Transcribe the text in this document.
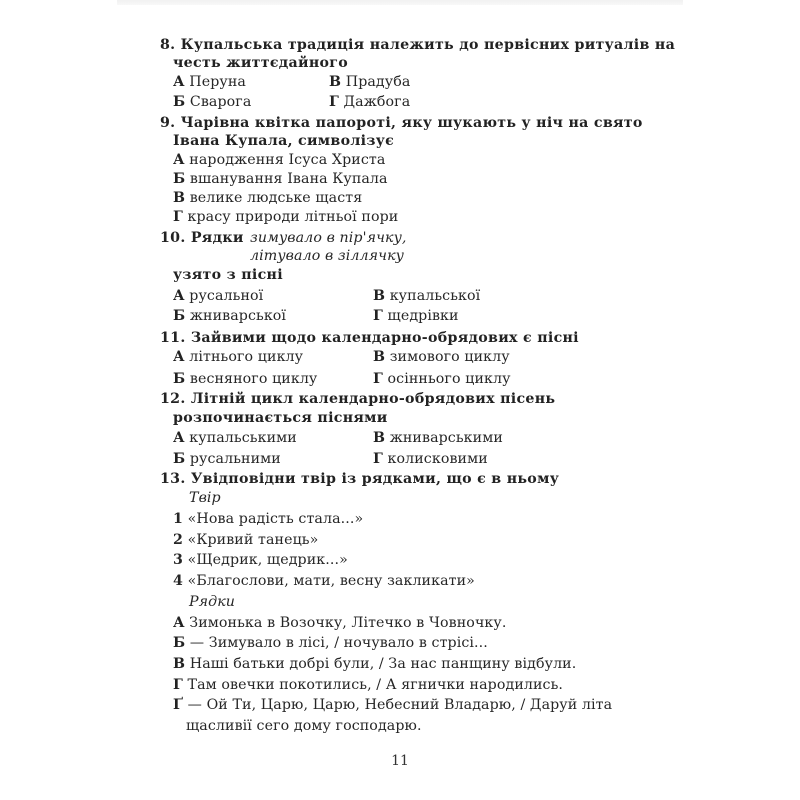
8. Купальська традиція належить до первісних ритуалів на
честь життєдайного
А Перуна
Б Сварога
В Прадуба
Г Дажбога
9. Чарівна квітка папороті, яку шукають у ніч на свято
Івана Купала, символізує
А народження Ісуса Христа
Б вшанування Івана Купала
В велике людське щастя
Г красу природи літньої пори
10. Рядки зимувало в пір'ячку,
літувало в зіллячку
узято з пісні
А русальної
Б жниварської
В купальської
Г щедрівки
11. Зайвими щодо календарно-обрядових є пісні
А літнього циклу
Б весняного циклу
В зимового циклу
Г осіннього циклу
12. Літній цикл календарно-обрядових пісень
розпочинається піснями
А купальськими
Б русальними
В жниварськими
Г колисковими
13. Увідповідни твір із рядками, що є в ньому
Твір
1 «Нова радість стала...»
2 «Кривий танець»
3 «Щедрик, щедрик...»
4 «Благослови, мати, весну закликати»
Рядки
А Зимонька в Возочку, Літечко в Човночку.
Б — Зимувало в лісі, / ночувало в стрісі...
В Наші батьки добрі були, / За нас панщину відбули.
Г Там овечки покотились, / А ягнички народились.
Ґ — Ой Ти, Царю, Царю, Небесний Владарю, / Даруй літа
щасливії сего дому господарю.
11
